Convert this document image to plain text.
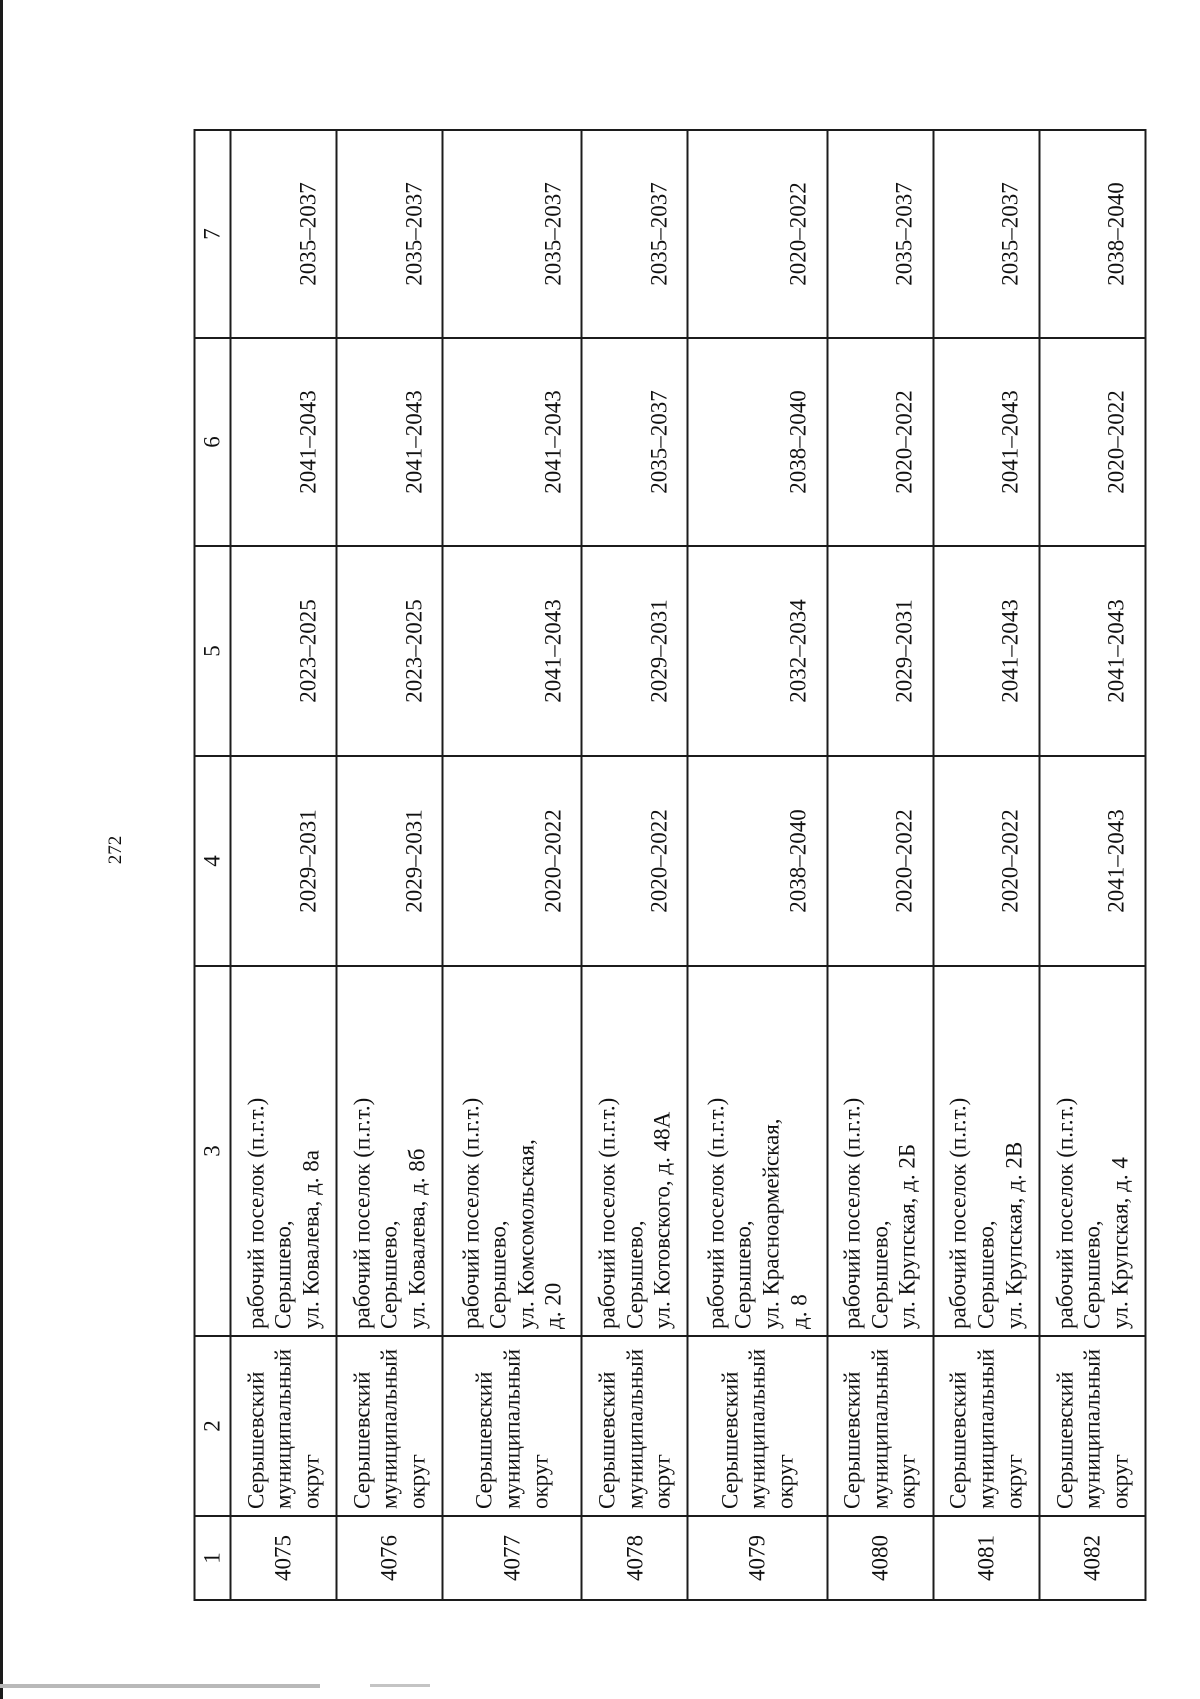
272
1	2	3	4	5	6	7
4075	Серышевский муниципальный округ	рабочий поселок (п.г.т.) Серышево, ул. Ковалева, д. 8а	2029–2031	2023–2025	2041–2043	2035–2037
4076	Серышевский муниципальный округ	рабочий поселок (п.г.т.) Серышево, ул. Ковалева, д. 8б	2029–2031	2023–2025	2041–2043	2035–2037
4077	Серышевский муниципальный округ	рабочий поселок (п.г.т.) Серышево, ул. Комсомольская, д. 20	2020–2022	2041–2043	2041–2043	2035–2037
4078	Серышевский муниципальный округ	рабочий поселок (п.г.т.) Серышево, ул. Котовского, д. 48А	2020–2022	2029–2031	2035–2037	2035–2037
4079	Серышевский муниципальный округ	рабочий поселок (п.г.т.) Серышево, ул. Красноармейская, д. 8	2038–2040	2032–2034	2038–2040	2020–2022
4080	Серышевский муниципальный округ	рабочий поселок (п.г.т.) Серышево, ул. Крупская, д. 2Б	2020–2022	2029–2031	2020–2022	2035–2037
4081	Серышевский муниципальный округ	рабочий поселок (п.г.т.) Серышево, ул. Крупская, д. 2В	2020–2022	2041–2043	2041–2043	2035–2037
4082	Серышевский муниципальный округ	рабочий поселок (п.г.т.) Серышево, ул. Крупская, д. 4	2041–2043	2041–2043	2020–2022	2038–2040
